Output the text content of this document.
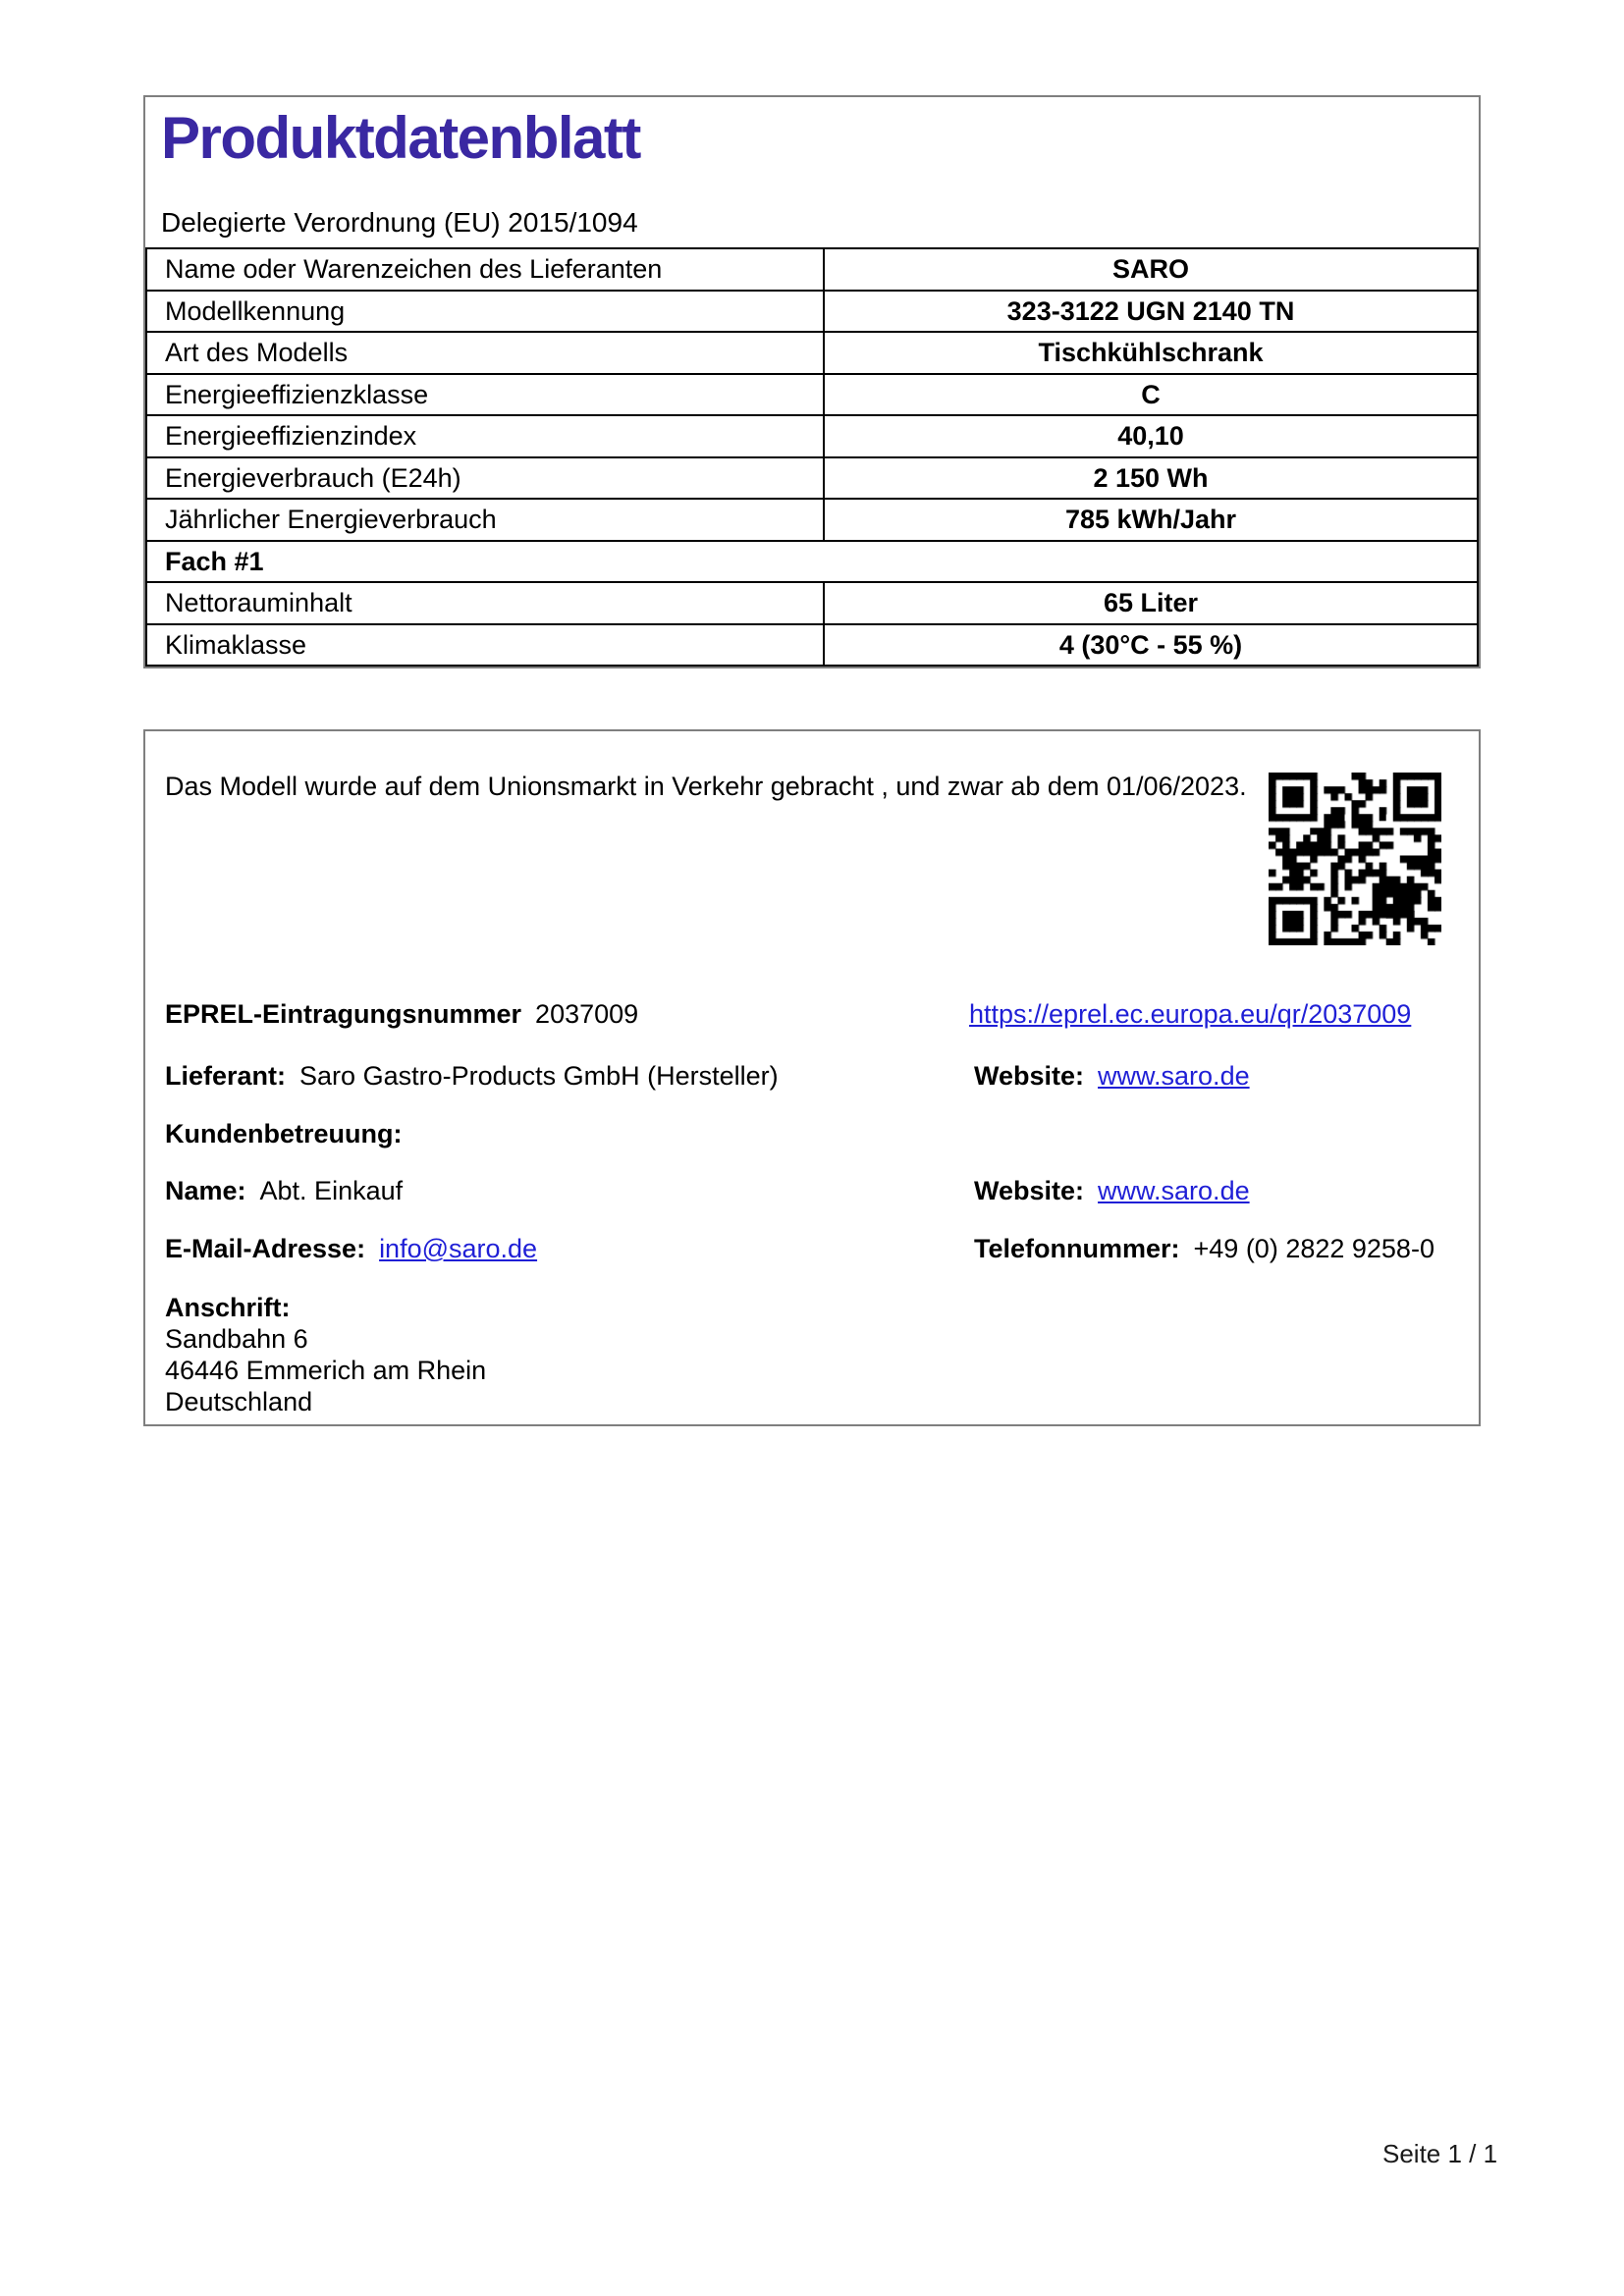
Produktdatenblatt

Delegierte Verordnung (EU) 2015/1094

Name oder Warenzeichen des Lieferanten	SARO
Modellkennung	323-3122 UGN 2140 TN
Art des Modells	Tischkühlschrank
Energieeffizienzklasse	C
Energieeffizienzindex	40,10
Energieverbrauch (E24h)	2 150 Wh
Jährlicher Energieverbrauch	785 kWh/Jahr
Fach #1	
Nettorauminhalt	65 Liter
Klimaklasse	4 (30°C - 55 %)

Das Modell wurde auf dem Unionsmarkt in Verkehr gebracht , und zwar ab dem 01/06/2023.

EPREL-Eintragungsnummer 2037009	https://eprel.ec.europa.eu/qr/2037009
Lieferant: Saro Gastro-Products GmbH (Hersteller)	Website: www.saro.de
Kundenbetreuung:
Name: Abt. Einkauf	Website: www.saro.de
E-Mail-Adresse: info@saro.de	Telefonnummer: +49 (0) 2822 9258-0
Anschrift:
Sandbahn 6
46446 Emmerich am Rhein
Deutschland
Seite 1 / 1
